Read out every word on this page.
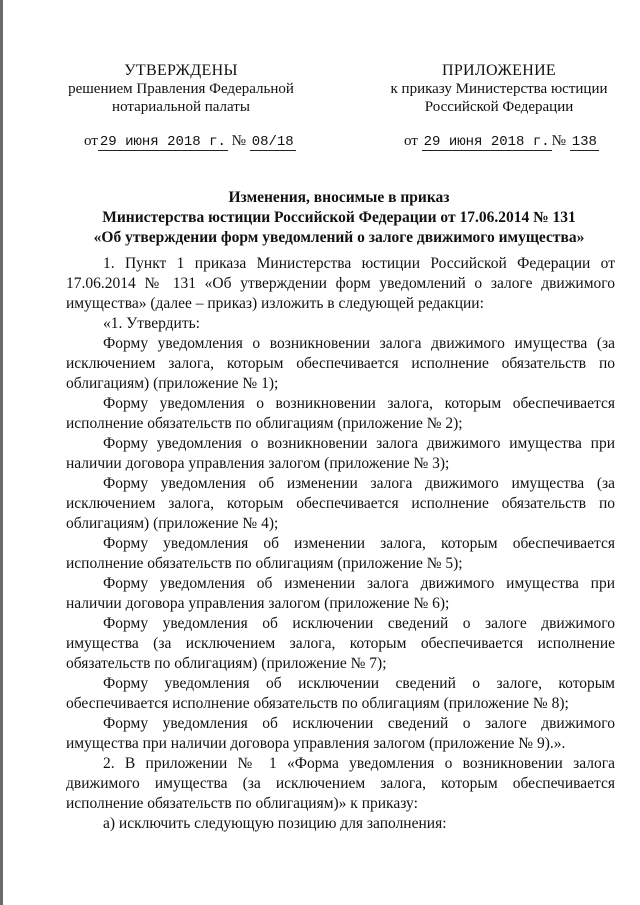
УТВЕРЖДЕНЫ
решением Правления Федеральной
нотариальной палаты
ПРИЛОЖЕНИЕ
к приказу Министерства юстиции
Российской Федерации
от 29 июня 2018 г. № 08/18	от 29 июня 2018 г. № 138
Изменения, вносимые в приказ
Министерства юстиции Российской Федерации от 17.06.2014 № 131
«Об утверждении форм уведомлений о залоге движимого имущества»

1. Пункт 1 приказа Министерства юстиции Российской Федерации от 17.06.2014 № 131 «Об утверждении форм уведомлений о залоге движимого имущества» (далее – приказ) изложить в следующей редакции:

«1. Утвердить:

Форму уведомления о возникновении залога движимого имущества (за исключением залога, которым обеспечивается исполнение обязательств по облигациям) (приложение № 1);

Форму уведомления о возникновении залога, которым обеспечивается исполнение обязательств по облигациям (приложение № 2);

Форму уведомления о возникновении залога движимого имущества при наличии договора управления залогом (приложение № 3);

Форму уведомления об изменении залога движимого имущества (за исключением залога, которым обеспечивается исполнение обязательств по облигациям) (приложение № 4);

Форму уведомления об изменении залога, которым обеспечивается исполнение обязательств по облигациям (приложение № 5);

Форму уведомления об изменении залога движимого имущества при наличии договора управления залогом (приложение № 6);

Форму уведомления об исключении сведений о залоге движимого имущества (за исключением залога, которым обеспечивается исполнение обязательств по облигациям) (приложение № 7);

Форму уведомления об исключении сведений о залоге, которым обеспечивается исполнение обязательств по облигациям (приложение № 8);

Форму уведомления об исключении сведений о залоге движимого имущества при наличии договора управления залогом (приложение № 9).».

2. В приложении № 1 «Форма уведомления о возникновении залога движимого имущества (за исключением залога, которым обеспечивается исполнение обязательств по облигациям)» к приказу:

а) исключить следующую позицию для заполнения:
